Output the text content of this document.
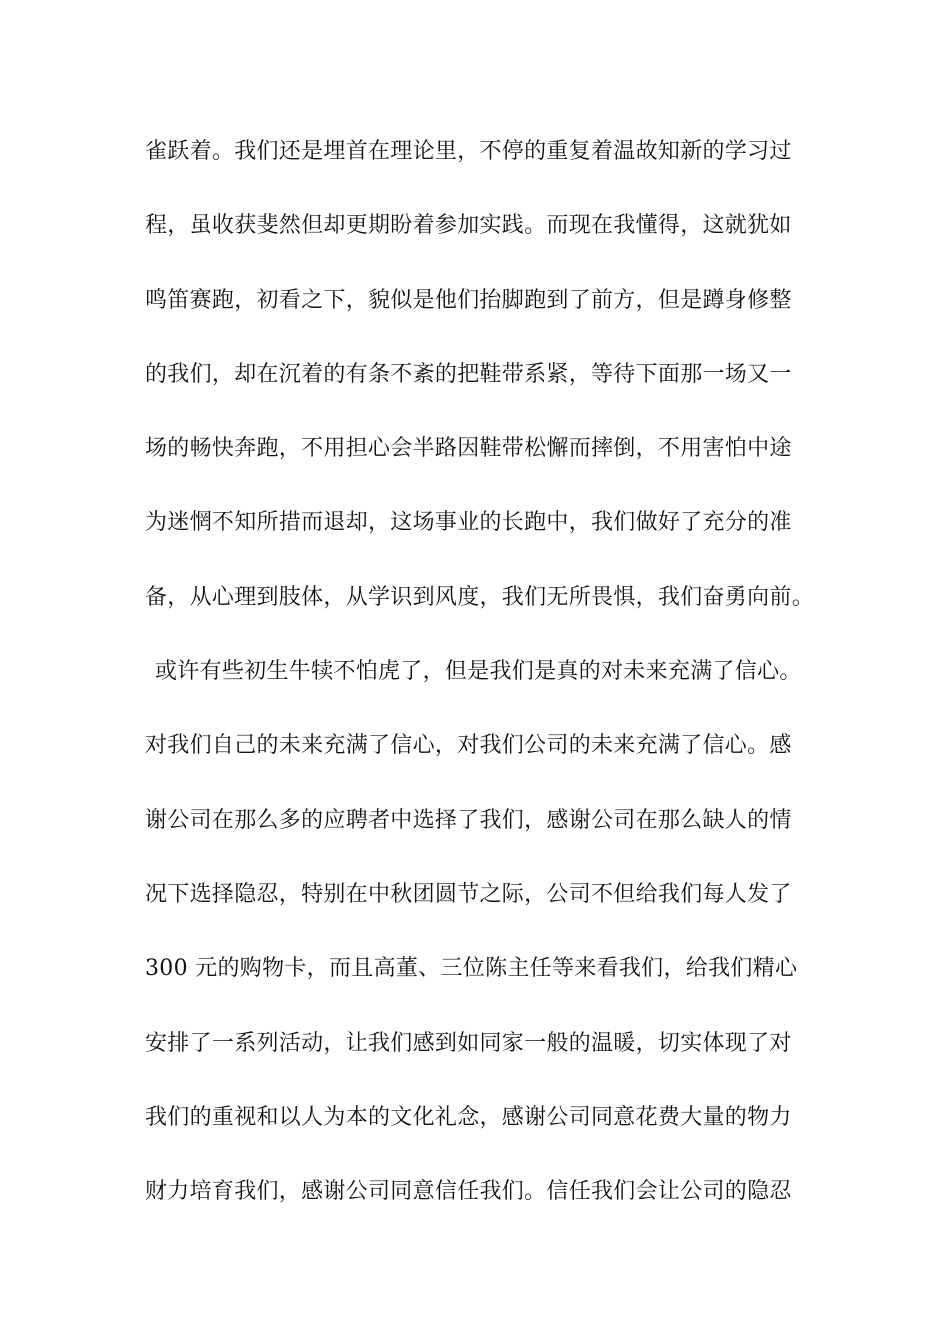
雀跃着。我们还是埋首在理论里，不停的重复着温故知新的学习过
程，虽收获斐然但却更期盼着参加实践。而现在我懂得，这就犹如
鸣笛赛跑，初看之下，貌似是他们抬脚跑到了前方，但是蹲身修整
的我们，却在沉着的有条不紊的把鞋带系紧，等待下面那一场又一
场的畅快奔跑，不用担心会半路因鞋带松懈而摔倒，不用害怕中途
为迷惘不知所措而退却，这场事业的长跑中，我们做好了充分的准
备，从心理到肢体，从学识到风度，我们无所畏惧，我们奋勇向前。
或许有些初生牛犊不怕虎了，但是我们是真的对未来充满了信心。
对我们自己的未来充满了信心，对我们公司的未来充满了信心。感
谢公司在那么多的应聘者中选择了我们，感谢公司在那么缺人的情
况下选择隐忍，特别在中秋团圆节之际，公司不但给我们每人发了
300 元的购物卡，而且高董、三位陈主任等来看我们，给我们精心
安排了一系列活动，让我们感到如同家一般的温暖，切实体现了对
我们的重视和以人为本的文化礼念，感谢公司同意花费大量的物力
财力培育我们，感谢公司同意信任我们。信任我们会让公司的隐忍
